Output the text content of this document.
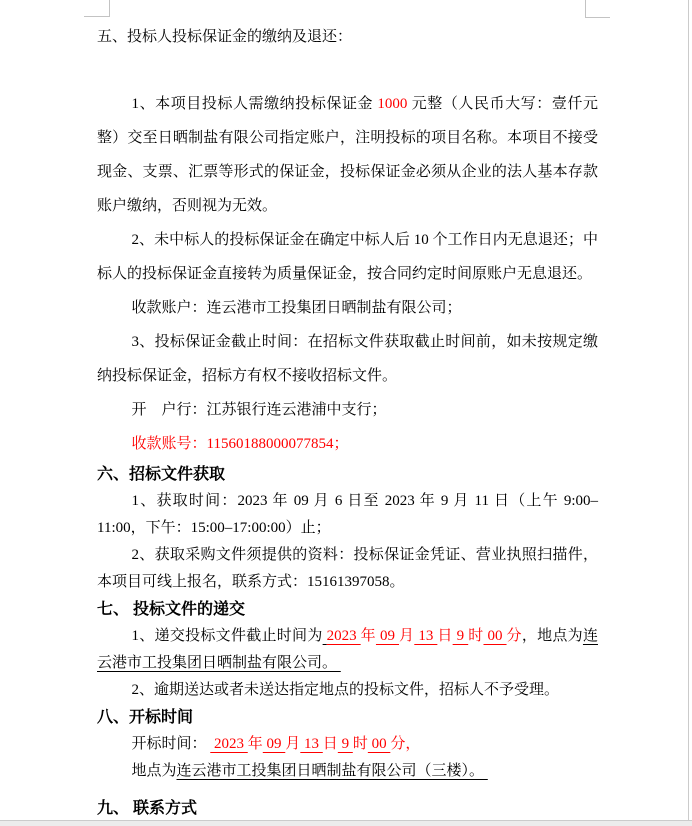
五、投标人投标保证金的缴纳及退还：

1、本项目投标人需缴纳投标保证金 1000 元整（人民币大写：壹仟元整）交至日晒制盐有限公司指定账户，注明投标的项目名称。本项目不接受现金、支票、汇票等形式的保证金，投标保证金必须从企业的法人基本存款账户缴纳，否则视为无效。

2、未中标人的投标保证金在确定中标人后 10 个工作日内无息退还；中标人的投标保证金直接转为质量保证金，按合同约定时间原账户无息退还。

收款账户：连云港市工投集团日晒制盐有限公司；

3、投标保证金截止时间：在招标文件获取截止时间前，如未按规定缴纳投标保证金，招标方有权不接收招标文件。

开　户行：江苏银行连云港浦中支行；

收款账号：11560188000077854；

六、招标文件获取

1、获取时间：2023 年 09 月 6 日至 2023 年 9 月 11 日（上午 9:00–11:00，下午：15:00–17:00:00）止；

2、获取采购文件须提供的资料：投标保证金凭证、营业执照扫描件，本项目可线上报名，联系方式：15161397058。

七、 投标文件的递交

1、递交投标文件截止时间为 2023 年 09 月 13 日 9 时 00 分，地点为连云港市工投集团日晒制盐有限公司。

2、逾期送达或者未送达指定地点的投标文件，招标人不予受理。

八、开标时间

开标时间：  2023 年 09 月 13 日 9 时 00 分，

地点为连云港市工投集团日晒制盐有限公司（三楼）。

九、 联系方式
